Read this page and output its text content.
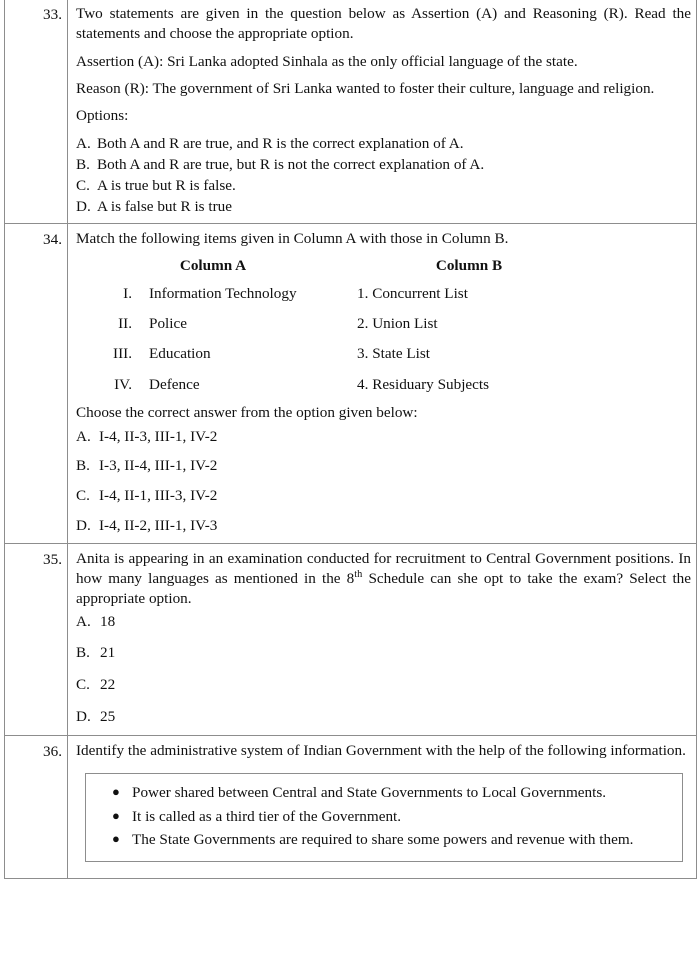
33.	Two statements are given in the question below as Assertion (A) and Reasoning (R). Read the statements and choose the appropriate option.

Assertion (A): Sri Lanka adopted Sinhala as the only official language of the state.

Reason (R): The government of Sri Lanka wanted to foster their culture, language and religion.

Options:

A. Both A and R are true, and R is the correct explanation of A.
B. Both A and R are true, but R is not the correct explanation of A.
C. A is true but R is false.
D. A is false but R is true

34.	Match the following items given in Column A with those in Column B.

Column A	Column B
I.	Information Technology	1. Concurrent List
II.	Police	2. Union List
III.	Education	3. State List
IV.	Defence	4. Residuary Subjects

Choose the correct answer from the option given below:

A. I-4, II-3, III-1, IV-2
B. I-3, II-4, III-1, IV-2
C. I-4, II-1, III-3, IV-2
D. I-4, II-2, III-1, IV-3

35.	Anita is appearing in an examination conducted for recruitment to Central Government positions. In how many languages as mentioned in the 8th Schedule can she opt to take the exam? Select the appropriate option.

A. 18
B. 21
C. 22
D. 25

36.	Identify the administrative system of Indian Government with the help of the following information.

● Power shared between Central and State Governments to Local Governments.
● It is called as a third tier of the Government.
● The State Governments are required to share some powers and revenue with them.
